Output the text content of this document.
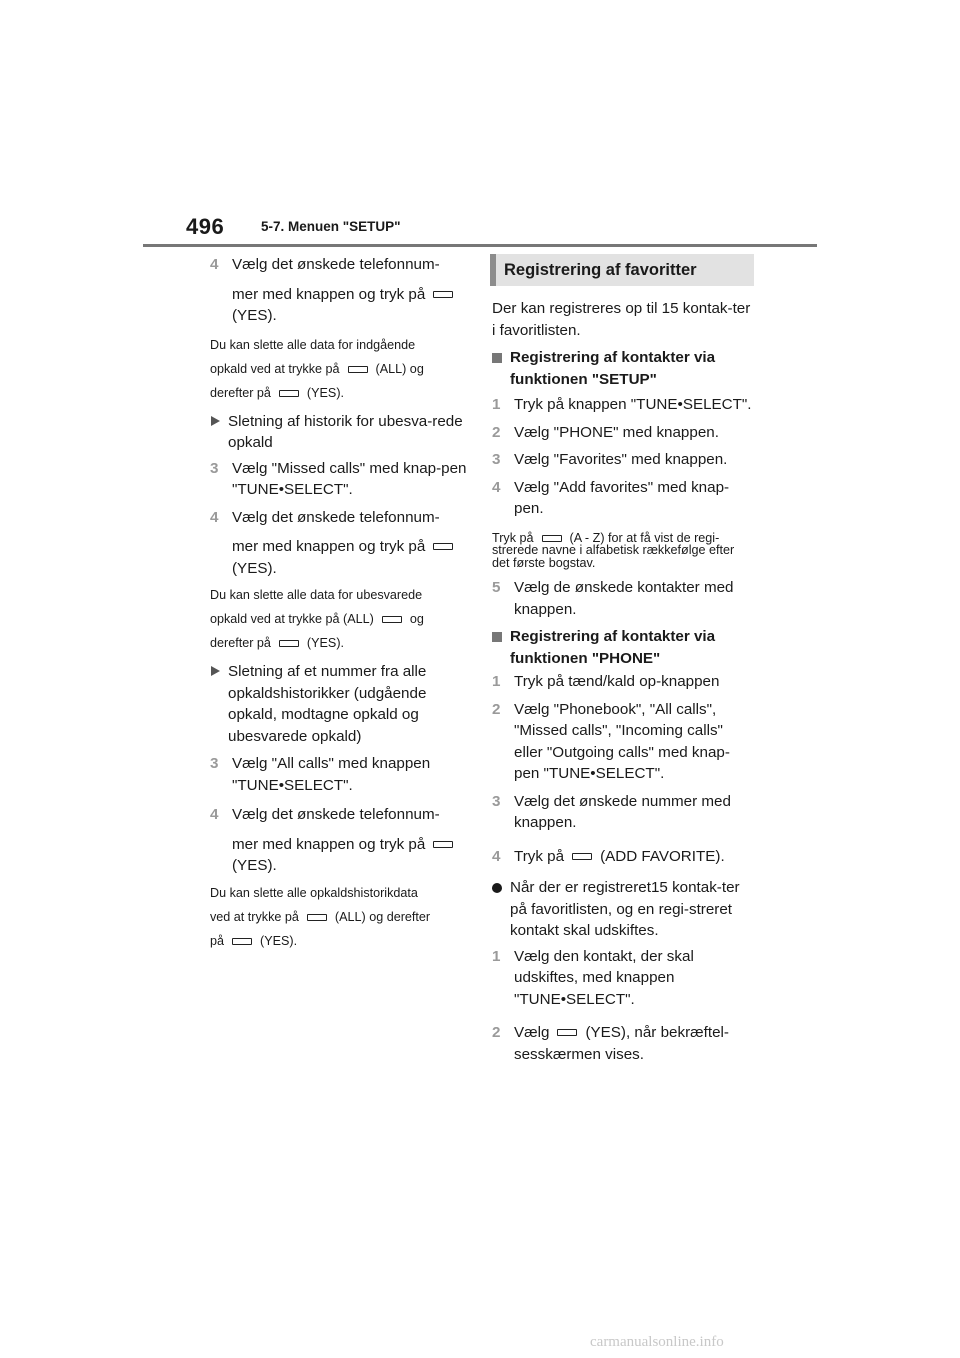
496	5-7. Menuen "SETUP"
4 Vælg det ønskede telefonnum-
mer med knappen og tryk på
(YES).
Du kan slette alle data for indgående
opkald ved at trykke på	(ALL) og
derefter på	(YES).
Sletning af historik for ubesva-rede opkald
3 Vælg "Missed calls" med knap-pen "TUNE•SELECT".
4 Vælg det ønskede telefonnum-
mer med knappen og tryk på
(YES).
Du kan slette alle data for ubesvarede
opkald ved at trykke på (ALL)	og
derefter på	(YES).
Sletning af et nummer fra alle opkaldshistorikker (udgående opkald, modtagne opkald og ubesvarede opkald)
3 Vælg "All calls" med knappen "TUNE•SELECT".
4 Vælg det ønskede telefonnum-
mer med knappen og tryk på
(YES).
Du kan slette alle opkaldshistorikdata
ved at trykke på	(ALL) og derefter
på	(YES).
Registrering af favoritter
Der kan registreres op til 15 kontak-ter i favoritlisten.
Registrering af kontakter via funktionen "SETUP"
1 Tryk på knappen "TUNE•SELECT".
2 Vælg "PHONE" med knappen.
3 Vælg "Favorites" med knappen.
4 Vælg "Add favorites" med knap-pen.
Tryk på	(A - Z) for at få vist de regi-strerede navne i alfabetisk rækkefølge efter det første bogstav.
5 Vælg de ønskede kontakter med knappen.
Registrering af kontakter via funktionen "PHONE"
1 Tryk på tænd/kald op-knappen
2 Vælg "Phonebook", "All calls", "Missed calls", "Incoming calls" eller "Outgoing calls" med knap-pen "TUNE•SELECT".
3 Vælg det ønskede nummer med knappen.
4 Tryk på (ADD FAVORITE).
Når der er registreret15 kontak-ter på favoritlisten, og en regi-streret kontakt skal udskiftes.
1 Vælg den kontakt, der skal udskiftes, med knappen "TUNE•SELECT".
2 Vælg (YES), når bekræftel-sesskærmen vises.
carmanualsonline.info
